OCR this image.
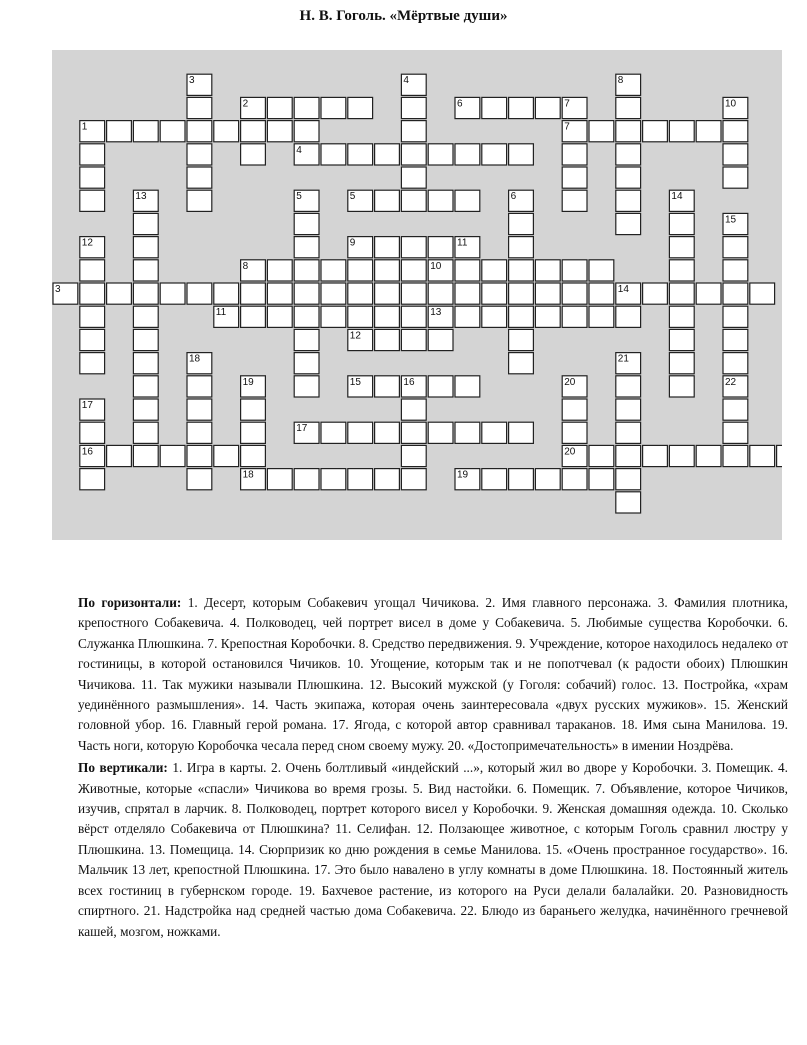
Н. В. Гоголь. «Мёртвые души»
1
2
3
4
5
6
7
8
9
10
11
12
13
14
15
16
17
18	19
20
3	4
5	6
7
8
10
11
12
13	14
15
16
17
18
19	20
21
22

По горизонтали: 1. Десерт, которым Собакевич угощал Чичикова. 2. Имя главного персонажа. 3. Фамилия плотника, крепостного Собакевича. 4. Полководец, чей портрет висел в доме у Собакевича. 5. Любимые существа Коробочки. 6. Служанка Плюшкина. 7. Крепостная Коробочки. 8. Средство передвижения. 9. Учреждение, которое находилось недалеко от гостиницы, в которой остановился Чичиков. 10. Угощение, которым так и не попотчевал (к радости обоих) Плюшкин Чичикова. 11. Так мужики называли Плюшкина. 12. Высокий мужской (у Гоголя: собачий) голос. 13. Постройка, «храм уединённого размышления». 14. Часть экипажа, которая очень заинтересовала «двух русских мужиков». 15. Женский головной убор. 16. Главный герой романа. 17. Ягода, с которой автор сравнивал тараканов. 18. Имя сына Манилова. 19. Часть ноги, которую Коробочка чесала перед сном своему мужу. 20. «Достопримечательность» в имении Ноздрёва.

По вертикали: 1. Игра в карты. 2. Очень болтливый «индейский ...», который жил во дворе у Коробочки. 3. Помещик. 4. Животные, которые «спасли» Чичикова во время грозы. 5. Вид настойки. 6. Помещик. 7. Объявление, которое Чичиков, изучив, спрятал в ларчик. 8. Полководец, портрет которого висел у Коробочки. 9. Женская домашняя одежда. 10. Сколько вёрст отделяло Собакевича от Плюшкина? 11. Селифан. 12. Ползающее животное, с которым Гоголь сравнил люстру у Плюшкина. 13. Помещица. 14. Сюрпризик ко дню рождения в семье Манилова. 15. «Очень пространное государство». 16. Мальчик 13 лет, крепостной Плюшкина. 17. Это было навалено в углу комнаты в доме Плюшкина. 18. Постоянный житель всех гостиниц в губернском городе. 19. Бахчевое растение, из которого на Руси делали балалайки. 20. Разновидность спиртного. 21. Надстройка над средней частью дома Собакевича. 22. Блюдо из бараньего желудка, начинённого гречневой кашей, мозгом, ножками.
